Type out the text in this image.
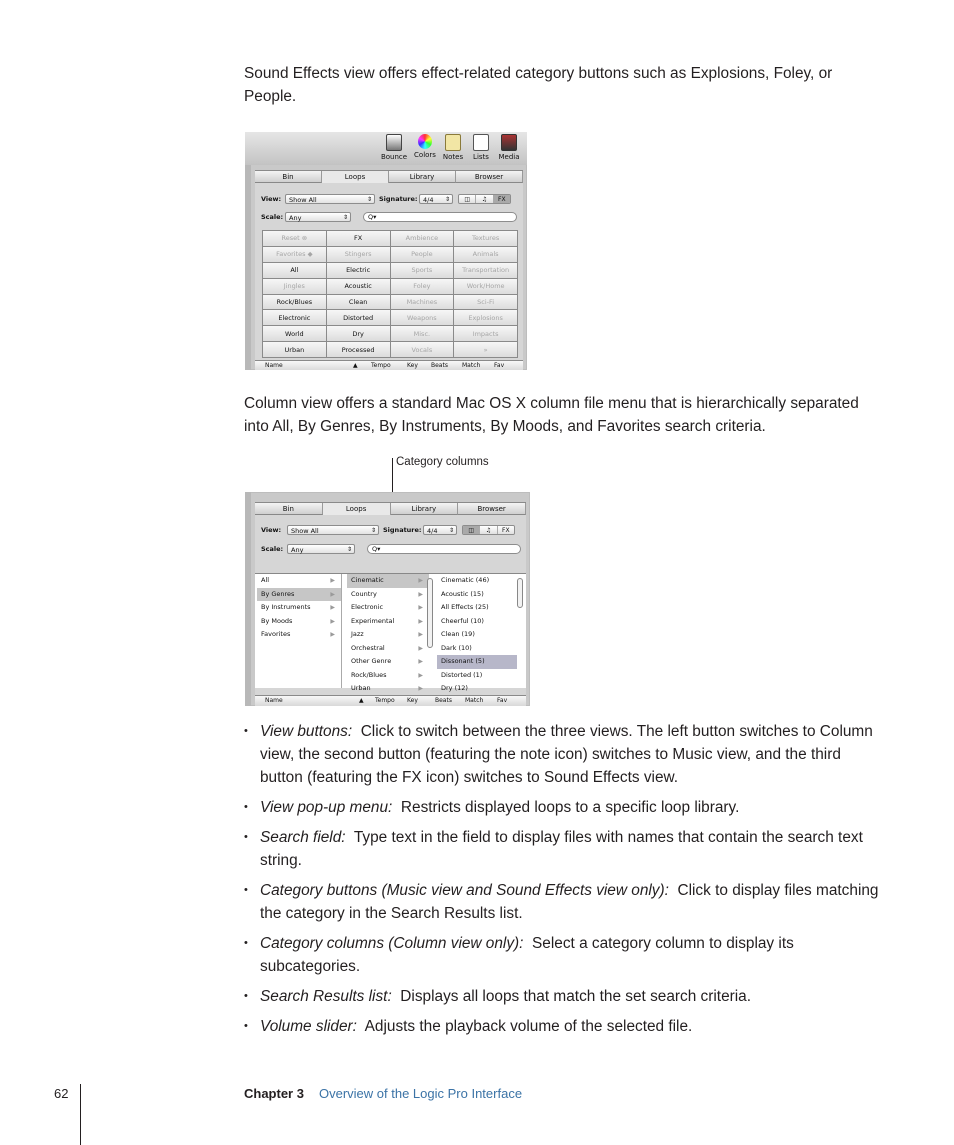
Sound Effects view offers effect-related category buttons such as Explosions, Foley, or People.

Bounce Colors Notes	Lists	Media
Bin	Loops	Library	Browser
View:	Show All	⇕ Signature: 4/4 ⇕	◫	♫	FX
Scale: Any	⇕	Q▾
Reset ⊗	FX	Ambience	Textures
Favorites ◆	Stingers	People	Animals
All	Electric	Sports	Transportation
Jingles	Acoustic	Foley	Work/Home
Rock/Blues	Clean	Machines	Sci-Fi
Electronic	Distorted	Weapons	Explosions
World	Dry	Misc.	Impacts
Urban	Processed	Vocals	»
Name	▲ Tempo	Key Beats Match Fav

Column view offers a standard Mac OS X column file menu that is hierarchically separated into All, By Genres, By Instruments, By Moods, and Favorites search criteria.

Category columns
Bin	Loops	Library	Browser
View:	Show All	⇕ Signature: 4/4 ⇕	◫	♫	FX
Scale:	Any	⇕	Q▾
All	▶
By Genres	▶
By Instruments	▶
By Moods	▶
Favorites	▶
Cinematic	▶
Country	▶
Electronic	▶
Experimental	▶
Jazz	▶
Orchestral	▶
Other Genre	▶
Rock/Blues	▶
Urban	▶
Cinematic (46)
Acoustic (15)
All Effects (25)
Cheerful (10)
Clean (19)
Dark (10)
Dissonant (5)
Distorted (1)
Dry (12)
Name	▲ Tempo Key	Beats Match Fav
• View buttons: Click to switch between the three views. The left button switches to Column view, the second button (featuring the note icon) switches to Music view, and the third button (featuring the FX icon) switches to Sound Effects view.
• View pop-up menu: Restricts displayed loops to a specific loop library.
• Search field: Type text in the field to display files with names that contain the search text string.
• Category buttons (Music view and Sound Effects view only): Click to display files matching the category in the Search Results list.
• Category columns (Column view only): Select a category column to display its subcategories.
• Search Results list: Displays all loops that match the set search criteria.
• Volume slider: Adjusts the playback volume of the selected file.
62	Chapter 3 Overview of the Logic Pro Interface
